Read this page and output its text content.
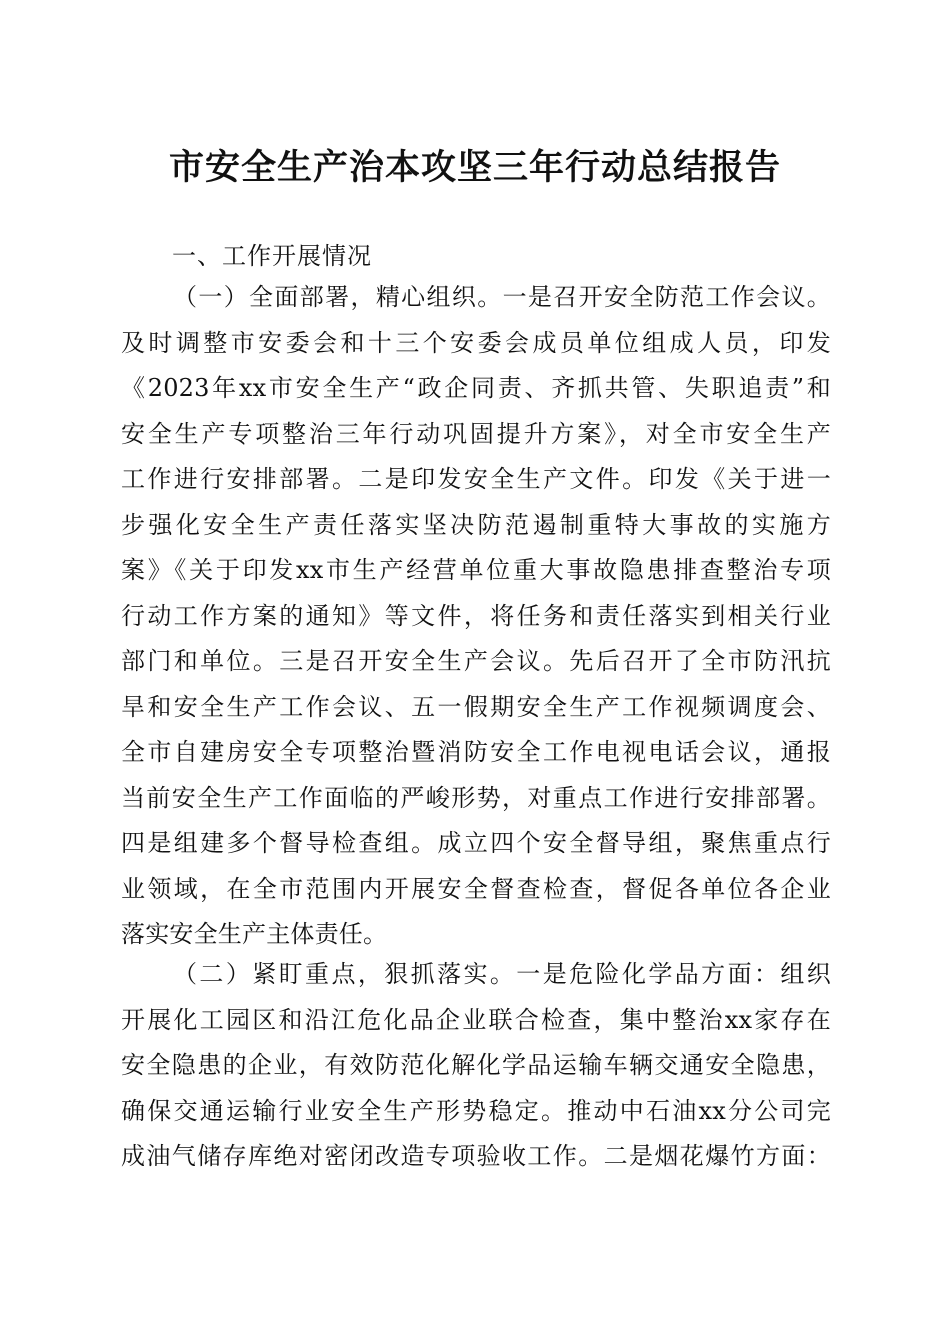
市安全生产治本攻坚三年行动总结报告
一、工作开展情况
（一）全面部署，精心组织。一是召开安全防范工作会议。
及时调整市安委会和十三个安委会成员单位组成人员，印发
《2023年xx市安全生产“政企同责、齐抓共管、失职追责”和
安全生产专项整治三年行动巩固提升方案》，对全市安全生产
工作进行安排部署。二是印发安全生产文件。印发《关于进一
步强化安全生产责任落实坚决防范遏制重特大事故的实施方
案》《关于印发xx市生产经营单位重大事故隐患排查整治专项
行动工作方案的通知》等文件，将任务和责任落实到相关行业
部门和单位。三是召开安全生产会议。先后召开了全市防汛抗
旱和安全生产工作会议、五一假期安全生产工作视频调度会、
全市自建房安全专项整治暨消防安全工作电视电话会议，通报
当前安全生产工作面临的严峻形势，对重点工作进行安排部署。
四是组建多个督导检查组。成立四个安全督导组，聚焦重点行
业领域，在全市范围内开展安全督查检查，督促各单位各企业
落实安全生产主体责任。
（二）紧盯重点，狠抓落实。一是危险化学品方面：组织
开展化工园区和沿江危化品企业联合检查，集中整治xx家存在
安全隐患的企业，有效防范化解化学品运输车辆交通安全隐患，
确保交通运输行业安全生产形势稳定。推动中石油xx分公司完
成油气储存库绝对密闭改造专项验收工作。二是烟花爆竹方面：
